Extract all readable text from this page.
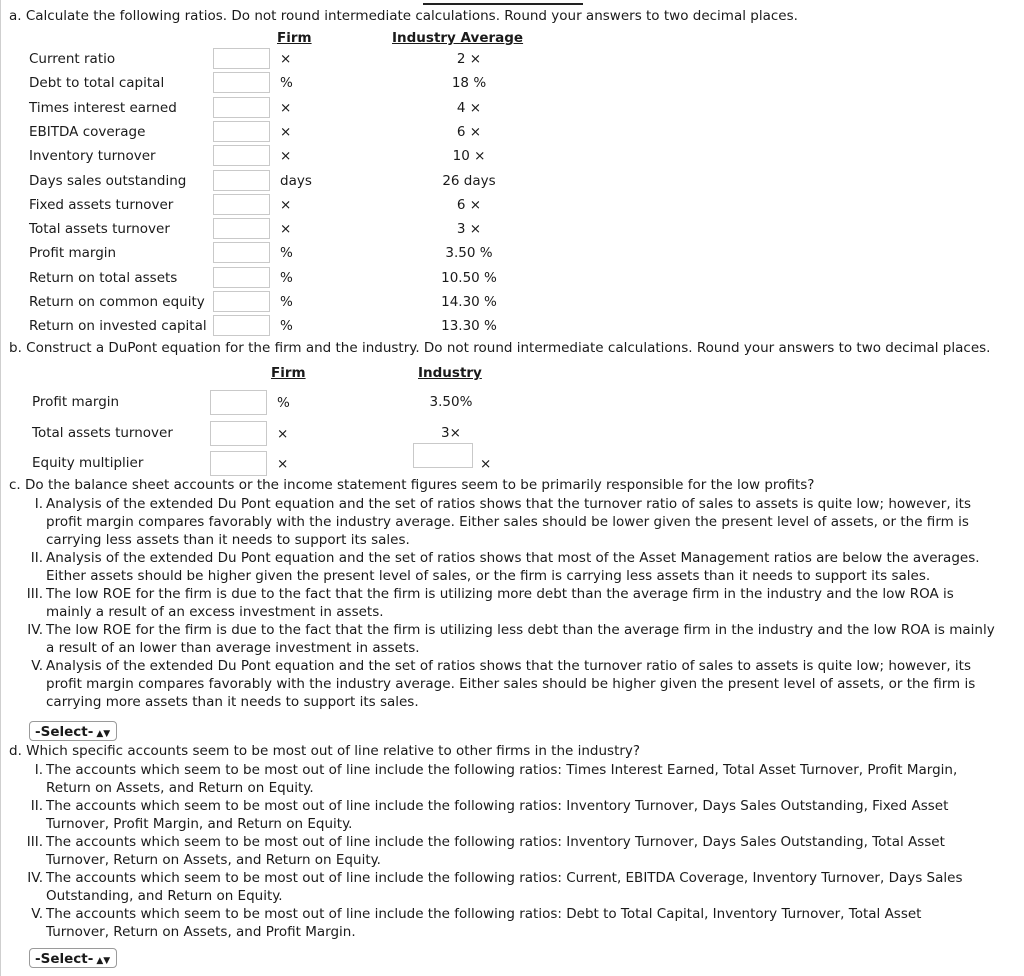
a. Calculate the following ratios. Do not round intermediate calculations. Round your answers to two decimal places.
Firm	Industry Average
Current ratio	×	2 ×
Debt to total capital	%	18 %
Times interest earned	×	4 ×
EBITDA coverage	×	6 ×
Inventory turnover	×	10 ×
Days sales outstanding	days	26 days
Fixed assets turnover	×	6 ×
Total assets turnover	×	3 ×
Profit margin	%	3.50 %
Return on total assets	%	10.50 %
Return on common equity	%	14.30 %
Return on invested capital	%	13.30 %
b. Construct a DuPont equation for the firm and the industry. Do not round intermediate calculations. Round your answers to two decimal places.
Firm	Industry
Profit margin	%	3.50%
Total assets turnover	×	3×
Equity multiplier	×	×
c. Do the balance sheet accounts or the income statement figures seem to be primarily responsible for the low profits?
I. Analysis of the extended Du Pont equation and the set of ratios shows that the turnover ratio of sales to assets is quite low; however, its
profit margin compares favorably with the industry average. Either sales should be lower given the present level of assets, or the firm is
carrying less assets than it needs to support its sales.
II. Analysis of the extended Du Pont equation and the set of ratios shows that most of the Asset Management ratios are below the averages.
Either assets should be higher given the present level of sales, or the firm is carrying less assets than it needs to support its sales.
III. The low ROE for the firm is due to the fact that the firm is utilizing more debt than the average firm in the industry and the low ROA is
mainly a result of an excess investment in assets.
IV. The low ROE for the firm is due to the fact that the firm is utilizing less debt than the average firm in the industry and the low ROA is mainly
a result of an lower than average investment in assets.
V. Analysis of the extended Du Pont equation and the set of ratios shows that the turnover ratio of sales to assets is quite low; however, its
profit margin compares favorably with the industry average. Either sales should be higher given the present level of assets, or the firm is
carrying more assets than it needs to support its sales.
-Select- ▲▼
d. Which specific accounts seem to be most out of line relative to other firms in the industry?
I. The accounts which seem to be most out of line include the following ratios: Times Interest Earned, Total Asset Turnover, Profit Margin,
Return on Assets, and Return on Equity.
II. The accounts which seem to be most out of line include the following ratios: Inventory Turnover, Days Sales Outstanding, Fixed Asset
Turnover, Profit Margin, and Return on Equity.
III. The accounts which seem to be most out of line include the following ratios: Inventory Turnover, Days Sales Outstanding, Total Asset
Turnover, Return on Assets, and Return on Equity.
IV. The accounts which seem to be most out of line include the following ratios: Current, EBITDA Coverage, Inventory Turnover, Days Sales
Outstanding, and Return on Equity.
V. The accounts which seem to be most out of line include the following ratios: Debt to Total Capital, Inventory Turnover, Total Asset
Turnover, Return on Assets, and Profit Margin.
-Select- ▲▼
